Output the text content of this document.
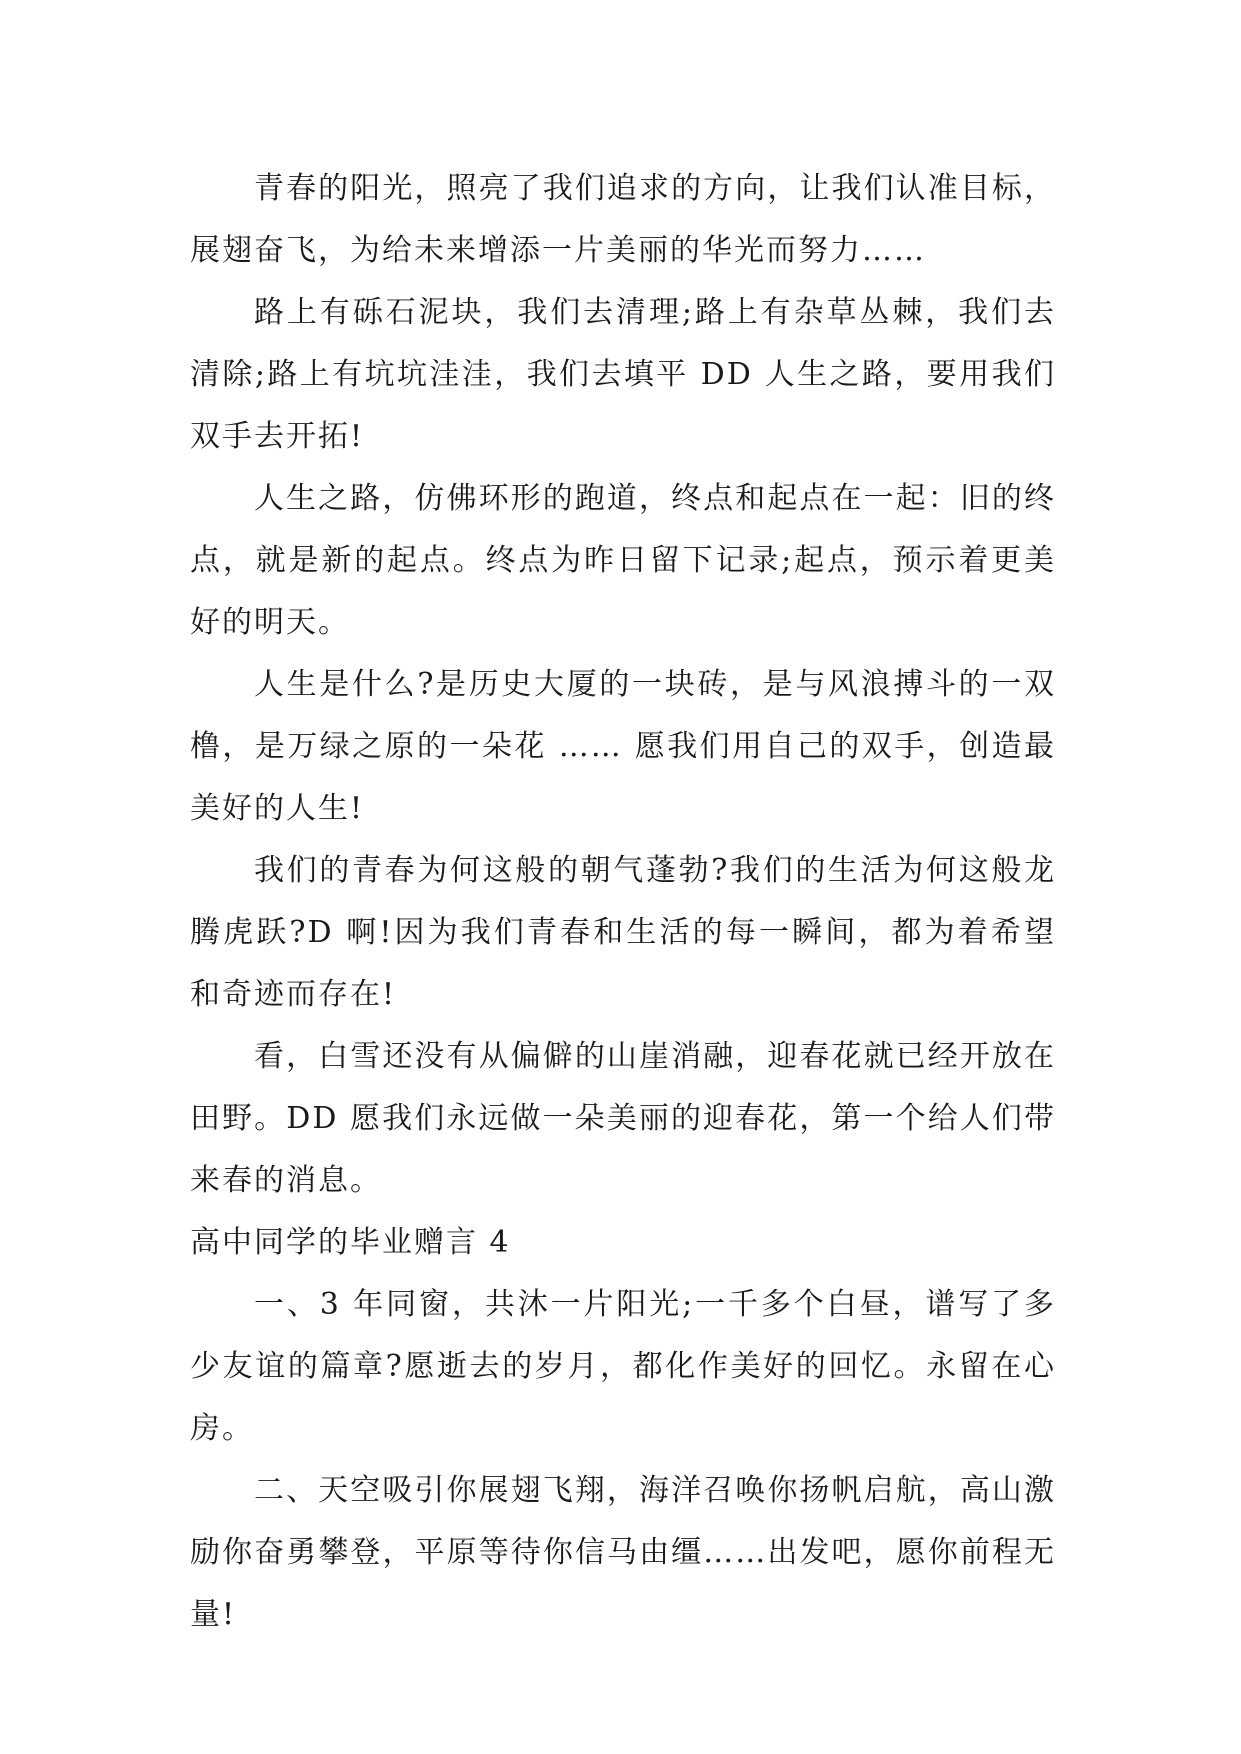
青春的阳光，照亮了我们追求的方向，让我们认准目标，展翅奋飞，为给未来增添一片美丽的华光而努力……

路上有砾石泥块，我们去清理;路上有杂草丛棘，我们去清除;路上有坑坑洼洼，我们去填平 DD 人生之路，要用我们双手去开拓!

人生之路，仿佛环形的跑道，终点和起点在一起：旧的终点，就是新的起点。终点为昨日留下记录;起点，预示着更美好的明天。

人生是什么?是历史大厦的一块砖，是与风浪搏斗的一双橹，是万绿之原的一朵花 …… 愿我们用自己的双手，创造最美好的人生!

我们的青春为何这般的朝气蓬勃?我们的生活为何这般龙腾虎跃?D 啊!因为我们青春和生活的每一瞬间，都为着希望和奇迹而存在!

看，白雪还没有从偏僻的山崖消融，迎春花就已经开放在田野。DD 愿我们永远做一朵美丽的迎春花，第一个给人们带来春的消息。

高中同学的毕业赠言 4

一、3 年同窗，共沐一片阳光;一千多个白昼，谱写了多少友谊的篇章?愿逝去的岁月，都化作美好的回忆。永留在心房。

二、天空吸引你展翅飞翔，海洋召唤你扬帆启航，高山激励你奋勇攀登，平原等待你信马由缰……出发吧，愿你前程无量!
